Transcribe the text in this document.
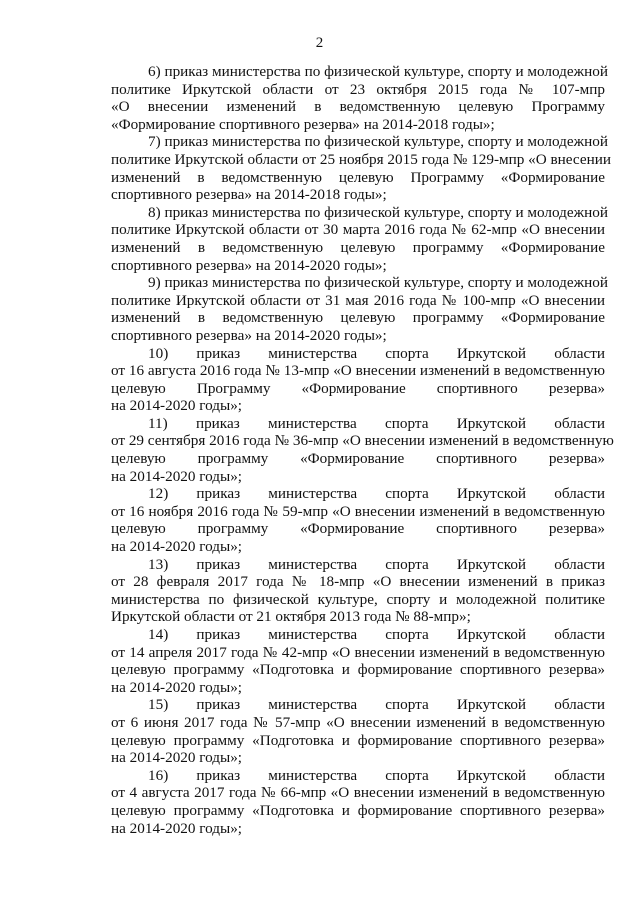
2
6) приказ министерства по физической культуре, спорту и молодежной
политике Иркутской области от 23 октября 2015 года № 107-мпр
«О внесении изменений в ведомственную целевую Программу
«Формирование спортивного резерва» на 2014-2018 годы»;
7) приказ министерства по физической культуре, спорту и молодежной
политике Иркутской области от 25 ноября 2015 года № 129-мпр «О внесении
изменений в ведомственную целевую Программу «Формирование
спортивного резерва» на 2014-2018 годы»;
8) приказ министерства по физической культуре, спорту и молодежной
политике Иркутской области от 30 марта 2016 года № 62-мпр «О внесении
изменений в ведомственную целевую программу «Формирование
спортивного резерва» на 2014-2020 годы»;
9) приказ министерства по физической культуре, спорту и молодежной
политике Иркутской области от 31 мая 2016 года № 100-мпр «О внесении
изменений в ведомственную целевую программу «Формирование
спортивного резерва» на 2014-2020 годы»;
10) приказ министерства спорта Иркутской области
от 16 августа 2016 года № 13-мпр «О внесении изменений в ведомственную
целевую Программу «Формирование спортивного резерва»
на 2014-2020 годы»;
11) приказ министерства спорта Иркутской области
от 29 сентября 2016 года № 36-мпр «О внесении изменений в ведомственную
целевую программу «Формирование спортивного резерва»
на 2014-2020 годы»;
12) приказ министерства спорта Иркутской области
от 16 ноября 2016 года № 59-мпр «О внесении изменений в ведомственную
целевую программу «Формирование спортивного резерва»
на 2014-2020 годы»;
13) приказ министерства спорта Иркутской области
от 28 февраля 2017 года № 18-мпр «О внесении изменений в приказ
министерства по физической культуре, спорту и молодежной политике
Иркутской области от 21 октября 2013 года № 88-мпр»;
14) приказ министерства спорта Иркутской области
от 14 апреля 2017 года № 42-мпр «О внесении изменений в ведомственную
целевую программу «Подготовка и формирование спортивного резерва»
на 2014-2020 годы»;
15) приказ министерства спорта Иркутской области
от 6 июня 2017 года № 57-мпр «О внесении изменений в ведомственную
целевую программу «Подготовка и формирование спортивного резерва»
на 2014-2020 годы»;
16) приказ министерства спорта Иркутской области
от 4 августа 2017 года № 66-мпр «О внесении изменений в ведомственную
целевую программу «Подготовка и формирование спортивного резерва»
на 2014-2020 годы»;
